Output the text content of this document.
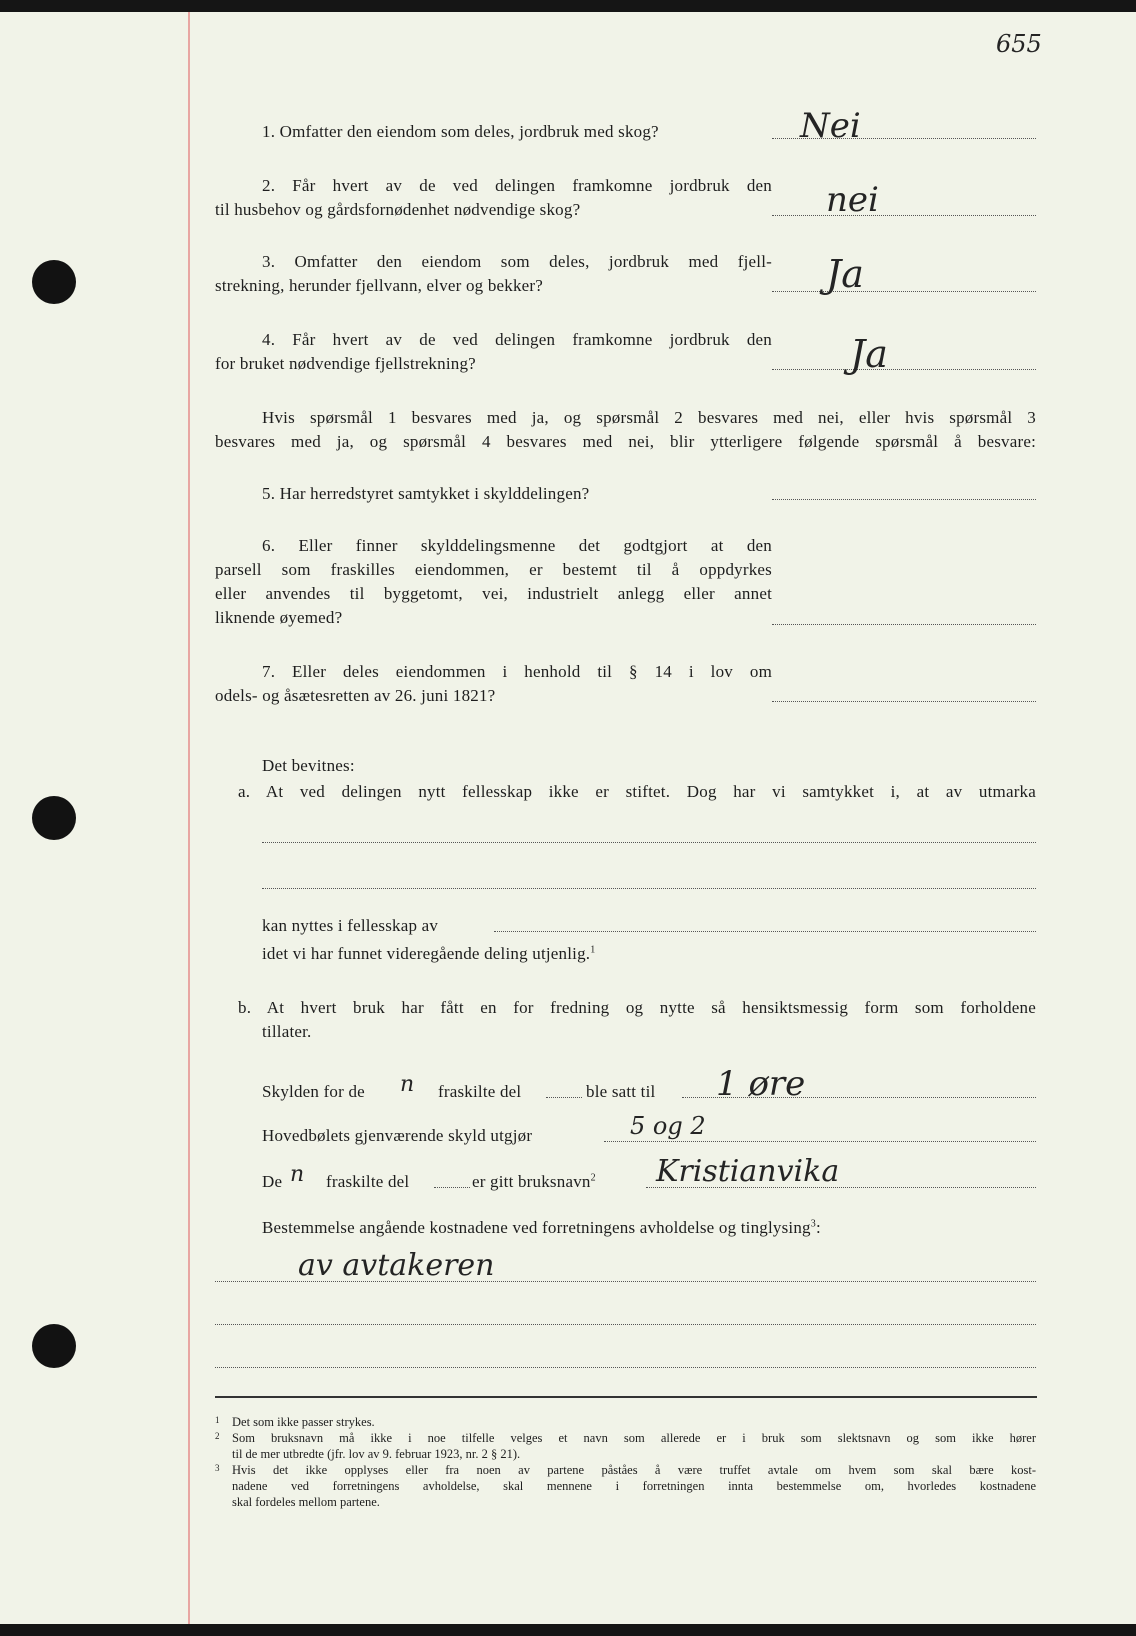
655
1. Omfatter den eiendom som deles, jordbruk med skog?	Nei
2. Får hvert av de ved delingen framkomne jordbruk den
til husbehov og gårdsfornødenhet nødvendige skog?	nei
3. Omfatter den eiendom som deles, jordbruk med fjell-
strekning, herunder fjellvann, elver og bekker?	Ja
4. Får hvert av de ved delingen framkomne jordbruk den
for bruket nødvendige fjellstrekning?	Ja
Hvis spørsmål 1 besvares med ja, og spørsmål 2 besvares med nei, eller hvis spørsmål 3
besvares med ja, og spørsmål 4 besvares med nei, blir ytterligere følgende spørsmål å besvare:
5. Har herredstyret samtykket i skylddelingen?
6. Eller finner skylddelingsmenne det godtgjort at den
parsell som fraskilles eiendommen, er bestemt til å oppdyrkes
eller anvendes til byggetomt, vei, industrielt anlegg eller annet
liknende øyemed?
7. Eller deles eiendommen i henhold til § 14 i lov om
odels- og åsætesretten av 26. juni 1821?
Det bevitnes:
a. At ved delingen nytt fellesskap ikke er stiftet. Dog har vi samtykket i, at av utmarka
kan nyttes i fellesskap av
idet vi har funnet videregående deling utjenlig.$^1$
b. At hvert bruk har fått en for fredning og nytte så hensiktsmessig form som forholdene
tillater.
Skylden for de n fraskilte del	ble satt til 1 øre
Hovedbølets gjenværende skyld utgjør	5 og 2
De n fraskilte del	er gitt bruksnavn$^2$ Kristianvika
Bestemmelse angående kostnadene ved forretningens avholdelse og tinglysing$^3$:
av avtakeren
1 Det som ikke passer strykes.
2 Som bruksnavn må ikke i noe tilfelle velges et navn som allerede er i bruk som slektsnavn og som ikke hører
til de mer utbredte (jfr. lov av 9. februar 1923, nr. 2 § 21).
3 Hvis det ikke opplyses eller fra noen av partene påståes å være truffet avtale om hvem som skal bære kost-
nadene ved forretningens avholdelse, skal mennene i forretningen innta bestemmelse om, hvorledes kostnadene
skal fordeles mellom partene.
